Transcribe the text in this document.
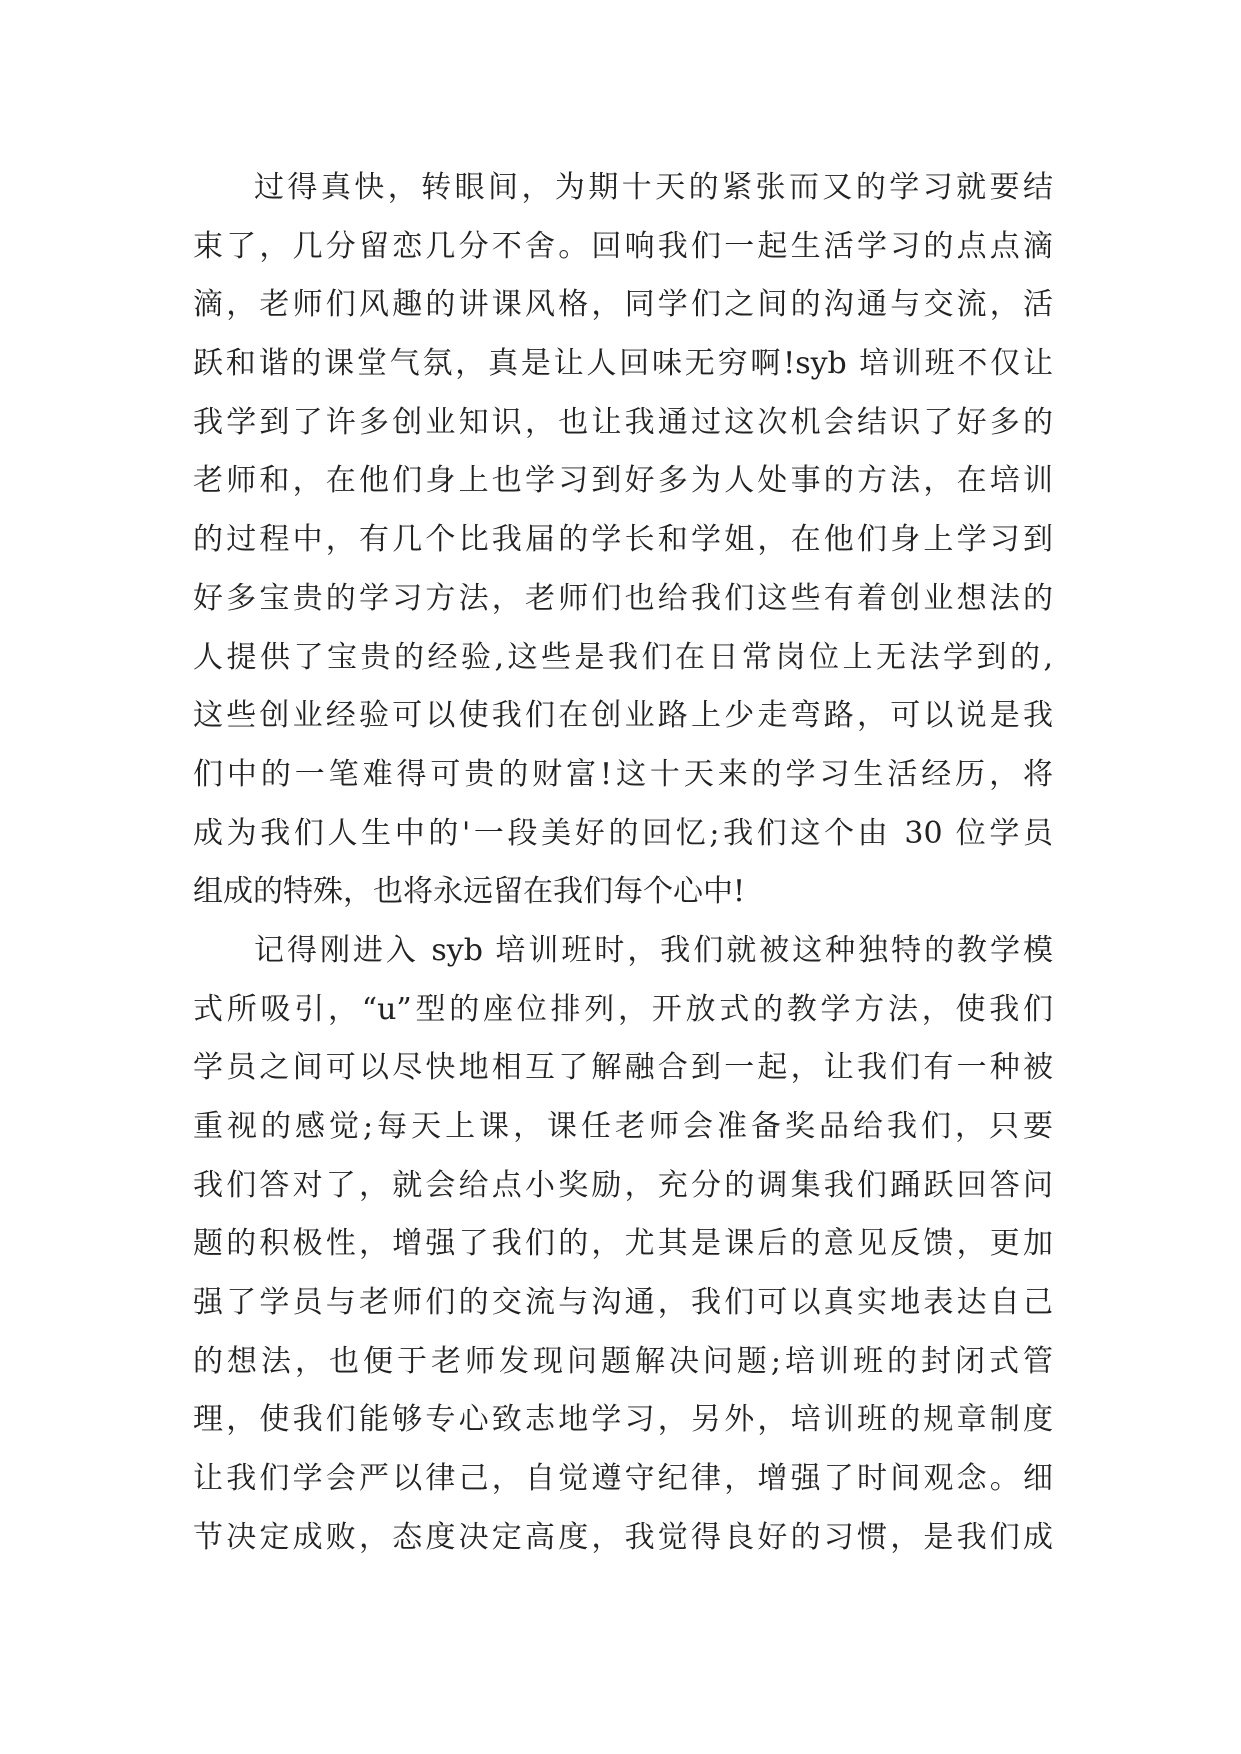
过得真快，转眼间，为期十天的紧张而又的学习就要结
束了，几分留恋几分不舍。回响我们一起生活学习的点点滴
滴，老师们风趣的讲课风格，同学们之间的沟通与交流，活
跃和谐的课堂气氛，真是让人回味无穷啊!syb 培训班不仅让
我学到了许多创业知识，也让我通过这次机会结识了好多的
老师和，在他们身上也学习到好多为人处事的方法，在培训
的过程中，有几个比我届的学长和学姐，在他们身上学习到
好多宝贵的学习方法，老师们也给我们这些有着创业想法的
人提供了宝贵的经验,这些是我们在日常岗位上无法学到的,
这些创业经验可以使我们在创业路上少走弯路，可以说是我
们中的一笔难得可贵的财富!这十天来的学习生活经历，将
成为我们人生中的'一段美好的回忆;我们这个由 30 位学员
组成的特殊，也将永远留在我们每个心中!
记得刚进入 syb 培训班时，我们就被这种独特的教学模
式所吸引，“u”型的座位排列，开放式的教学方法，使我们
学员之间可以尽快地相互了解融合到一起，让我们有一种被
重视的感觉;每天上课，课任老师会准备奖品给我们，只要
我们答对了，就会给点小奖励，充分的调集我们踊跃回答问
题的积极性，增强了我们的，尤其是课后的意见反馈，更加
强了学员与老师们的交流与沟通，我们可以真实地表达自己
的想法，也便于老师发现问题解决问题;培训班的封闭式管
理，使我们能够专心致志地学习，另外，培训班的规章制度
让我们学会严以律己，自觉遵守纪律，增强了时间观念。细
节决定成败，态度决定高度，我觉得良好的习惯，是我们成
